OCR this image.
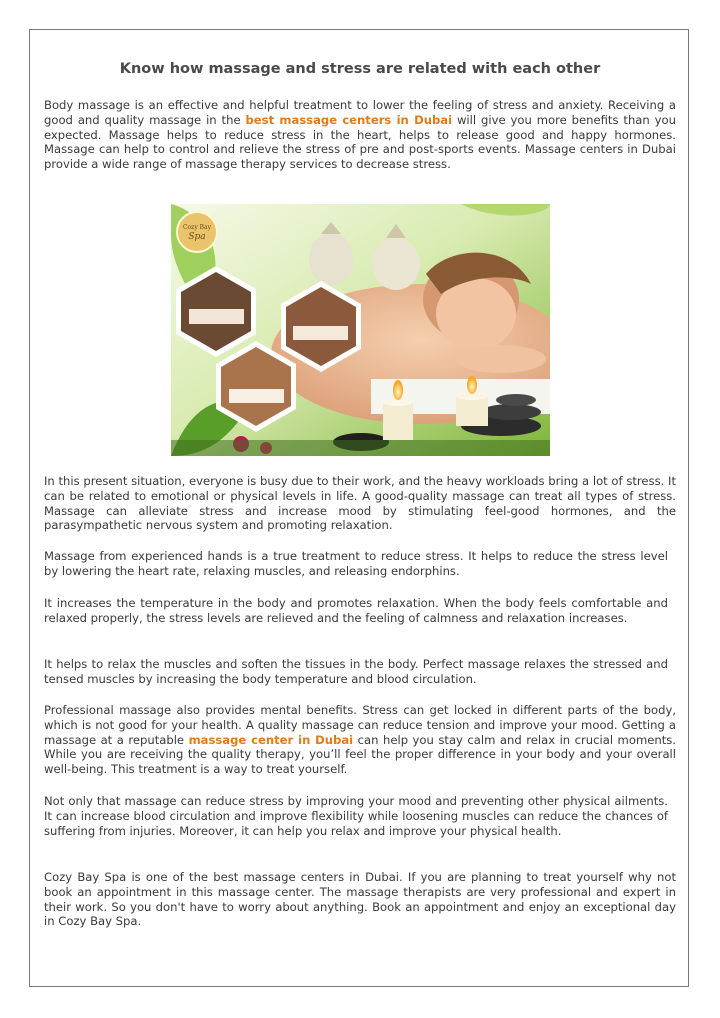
Know how massage and stress are related with each other

Body massage is an effective and helpful treatment to lower the feeling of stress and anxiety. Receiving a good and quality massage in the best massage centers in Dubai will give you more benefits than you expected. Massage helps to reduce stress in the heart, helps to release good and happy hormones. Massage can help to control and relieve the stress of pre and post-sports events. Massage centers in Dubai provide a wide range of massage therapy services to decrease stress.

Cozy Bay
Spa

In this present situation, everyone is busy due to their work, and the heavy workloads bring a lot of stress. It can be related to emotional or physical levels in life. A good-quality massage can treat all types of stress. Massage can alleviate stress and increase mood by stimulating feel-good hormones, and the parasympathetic nervous system and promoting relaxation.

Massage from experienced hands is a true treatment to reduce stress. It helps to reduce the stress level by lowering the heart rate, relaxing muscles, and releasing endorphins.

It increases the temperature in the body and promotes relaxation. When the body feels comfortable and relaxed properly, the stress levels are relieved and the feeling of calmness and relaxation increases.

It helps to relax the muscles and soften the tissues in the body. Perfect massage relaxes the stressed and tensed muscles by increasing the body temperature and blood circulation.

Professional massage also provides mental benefits. Stress can get locked in different parts of the body, which is not good for your health. A quality massage can reduce tension and improve your mood. Getting a massage at a reputable massage center in Dubai can help you stay calm and relax in crucial moments. While you are receiving the quality therapy, you’ll feel the proper difference in your body and your overall well-being. This treatment is a way to treat yourself.

Not only that massage can reduce stress by improving your mood and preventing other physical ailments. It can increase blood circulation and improve flexibility while loosening muscles can reduce the chances of suffering from injuries. Moreover, it can help you relax and improve your physical health.

Cozy Bay Spa is one of the best massage centers in Dubai. If you are planning to treat yourself why not book an appointment in this massage center. The massage therapists are very professional and expert in their work. So you don't have to worry about anything. Book an appointment and enjoy an exceptional day in Cozy Bay Spa.
